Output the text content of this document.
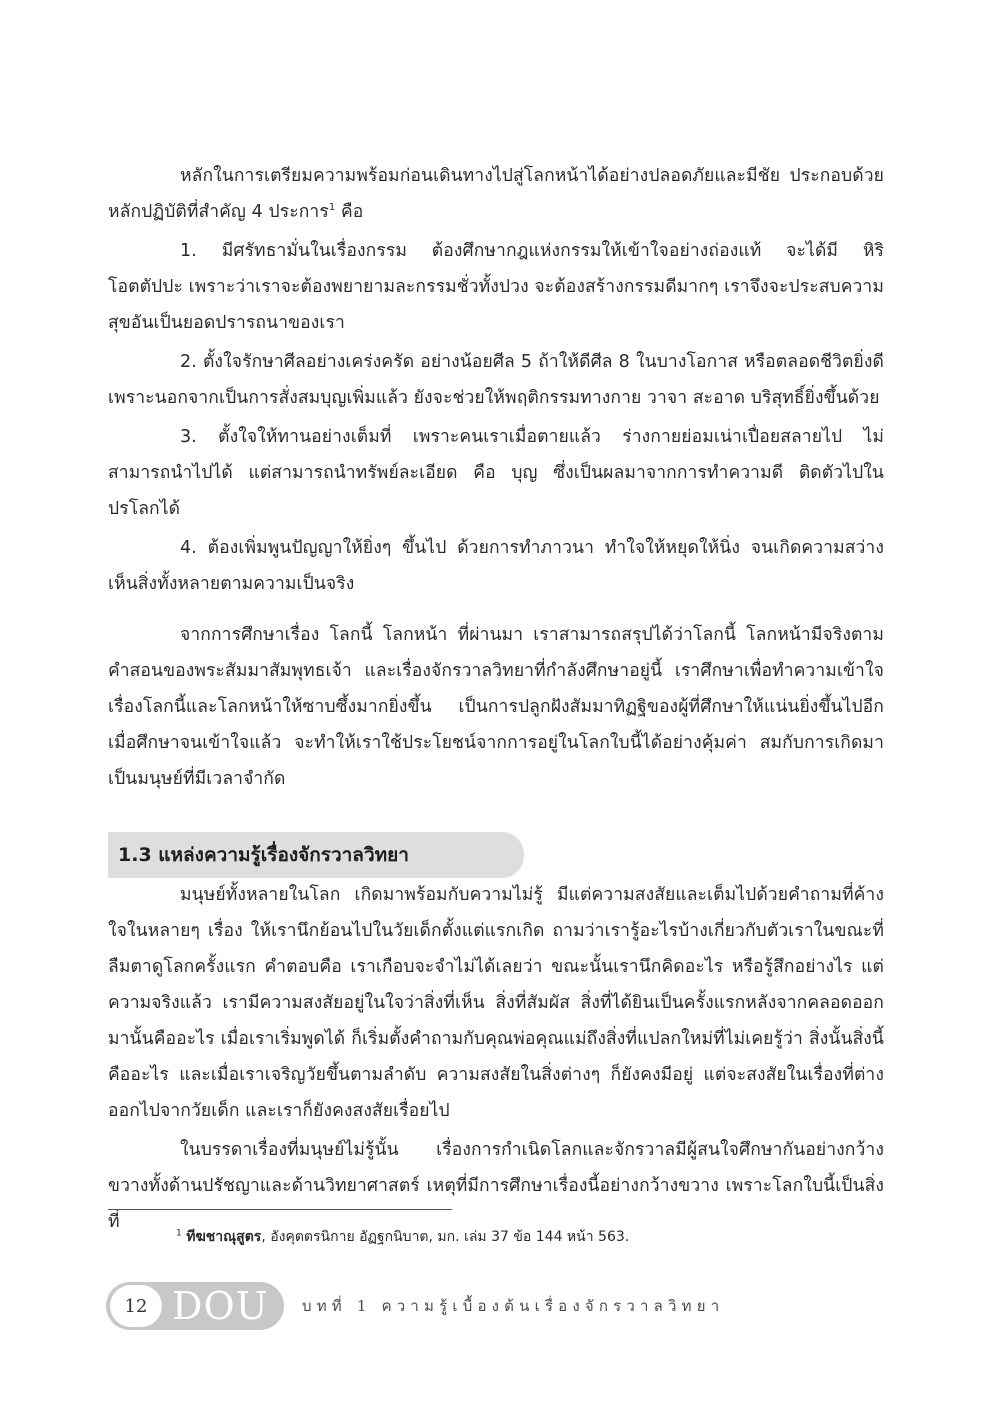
หลักในการเตรียมความพร้อมก่อนเดินทางไปสู่โลกหน้าได้อย่างปลอดภัยและมีชัย ประกอบด้วยหลักปฏิบัติที่สำคัญ 4 ประการ$^1$ คือ

1. มีศรัทธามั่นในเรื่องกรรม ต้องศึกษากฎแห่งกรรมให้เข้าใจอย่างถ่องแท้ จะได้มี หิริ โอตตัปปะ เพราะว่าเราจะต้องพยายามละกรรมชั่วทั้งปวง จะต้องสร้างกรรมดีมากๆ เราจึงจะประสบความสุขอันเป็นยอดปรารถนาของเรา

2. ตั้งใจรักษาศีลอย่างเคร่งครัด อย่างน้อยศีล 5 ถ้าให้ดีศีล 8 ในบางโอกาส หรือตลอดชีวิตยิ่งดี เพราะนอกจากเป็นการสั่งสมบุญเพิ่มแล้ว ยังจะช่วยให้พฤติกรรมทางกาย วาจา สะอาด บริสุทธิ์ยิ่งขึ้นด้วย

3. ตั้งใจให้ทานอย่างเต็มที่ เพราะคนเราเมื่อตายแล้ว ร่างกายย่อมเน่าเปื่อยสลายไป ไม่สามารถนำไปได้ แต่สามารถนำทรัพย์ละเอียด คือ บุญ ซึ่งเป็นผลมาจากการทำความดี ติดตัวไปในปรโลกได้

4. ต้องเพิ่มพูนปัญญาให้ยิ่งๆ ขึ้นไป ด้วยการทำภาวนา ทำใจให้หยุดให้นิ่ง จนเกิดความสว่างเห็นสิ่งทั้งหลายตามความเป็นจริง

จากการศึกษาเรื่อง โลกนี้ โลกหน้า ที่ผ่านมา เราสามารถสรุปได้ว่าโลกนี้ โลกหน้ามีจริงตาม คำสอนของพระสัมมาสัมพุทธเจ้า และเรื่องจักรวาลวิทยาที่กำลังศึกษาอยู่นี้ เราศึกษาเพื่อทำความเข้าใจเรื่องโลกนี้และโลกหน้าให้ซาบซึ้งมากยิ่งขึ้น เป็นการปลูกฝังสัมมาทิฏฐิของผู้ที่ศึกษาให้แน่นยิ่งขึ้นไปอีก เมื่อศึกษาจนเข้าใจแล้ว จะทำให้เราใช้ประโยชน์จากการอยู่ในโลกใบนี้ได้อย่างคุ้มค่า สมกับการเกิดมาเป็นมนุษย์ที่มีเวลาจำกัด

1.3 แหล่งความรู้เรื่องจักรวาลวิทยา

มนุษย์ทั้งหลายในโลก เกิดมาพร้อมกับความไม่รู้ มีแต่ความสงสัยและเต็มไปด้วยคำถามที่ค้างใจในหลายๆ เรื่อง ให้เรานึกย้อนไปในวัยเด็กตั้งแต่แรกเกิด ถามว่าเรารู้อะไรบ้างเกี่ยวกับตัวเราในขณะที่ลืมตาดูโลกครั้งแรก คำตอบคือ เราเกือบจะจำไม่ได้เลยว่า ขณะนั้นเรานึกคิดอะไร หรือรู้สึกอย่างไร แต่ความจริงแล้ว เรามีความสงสัยอยู่ในใจว่าสิ่งที่เห็น สิ่งที่สัมผัส สิ่งที่ได้ยินเป็นครั้งแรกหลังจากคลอดออกมานั้นคืออะไร เมื่อเราเริ่มพูดได้ ก็เริ่มตั้งคำถามกับคุณพ่อคุณแม่ถึงสิ่งที่แปลกใหม่ที่ไม่เคยรู้ว่า สิ่งนั้นสิ่งนี้คืออะไร และเมื่อเราเจริญวัยขึ้นตามลำดับ ความสงสัยในสิ่งต่างๆ ก็ยังคงมีอยู่ แต่จะสงสัยในเรื่องที่ต่างออกไปจากวัยเด็ก และเราก็ยังคงสงสัยเรื่อยไป

ในบรรดาเรื่องที่มนุษย์ไม่รู้นั้น เรื่องการกำเนิดโลกและจักรวาลมีผู้สนใจศึกษากันอย่างกว้างขวางทั้งด้านปรัชญาและด้านวิทยาศาสตร์ เหตุที่มีการศึกษาเรื่องนี้อย่างกว้างขวาง เพราะโลกใบนี้เป็นสิ่งที่

$^1$ ทีฆชาณุสูตร, อังคุตตรนิกาย อัฏฐกนิบาต, มก. เล่ม 37 ข้อ 144 หน้า 563.
12 DOU บทที่ 1 ความรู้เบื้องต้นเรื่องจักรวาลวิทยา
